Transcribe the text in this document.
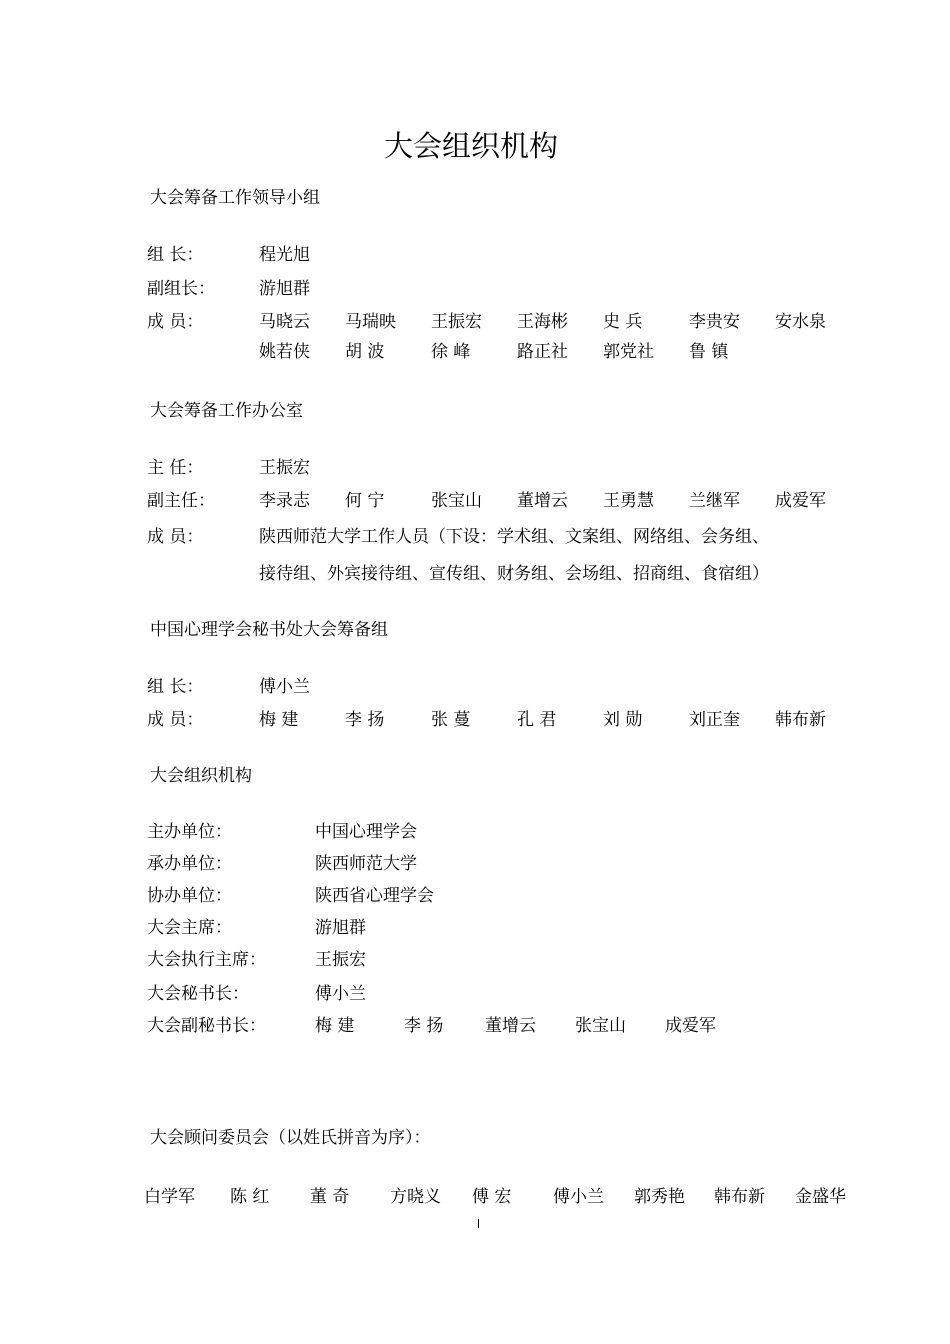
大会组织机构
大会筹备工作领导小组
组 长：	程光旭
副组长：	游旭群
成 员：	马晓云 马瑞映 王振宏 王海彬 史 兵	李贵安 安水泉
姚若侠 胡 波	徐 峰	路正社 郭党社 鲁 镇
大会筹备工作办公室
主 任：	王振宏
副主任：	李录志 何 宁	张宝山 董增云 王勇慧 兰继军 成爱军
成 员：	陕西师范大学工作人员（下设：学术组、文案组、网络组、会务组、
接待组、外宾接待组、宣传组、财务组、会场组、招商组、食宿组）
中国心理学会秘书处大会筹备组
组 长：	傅小兰
成 员：	梅 建	李 扬	张 蔓	孔 君	刘 勋	刘正奎 韩布新
大会组织机构
主办单位：	中国心理学会
承办单位：	陕西师范大学
协办单位：	陕西省心理学会
大会主席：	游旭群
大会执行主席：	王振宏
大会秘书长：	傅小兰
大会副秘书长：	梅 建	李 扬 董增云 张宝山 成爱军
大会顾问委员会（以姓氏拼音为序）：
白学军 陈 红 董 奇 方晓义 傅 宏 傅小兰 郭秀艳 韩布新 金盛华
